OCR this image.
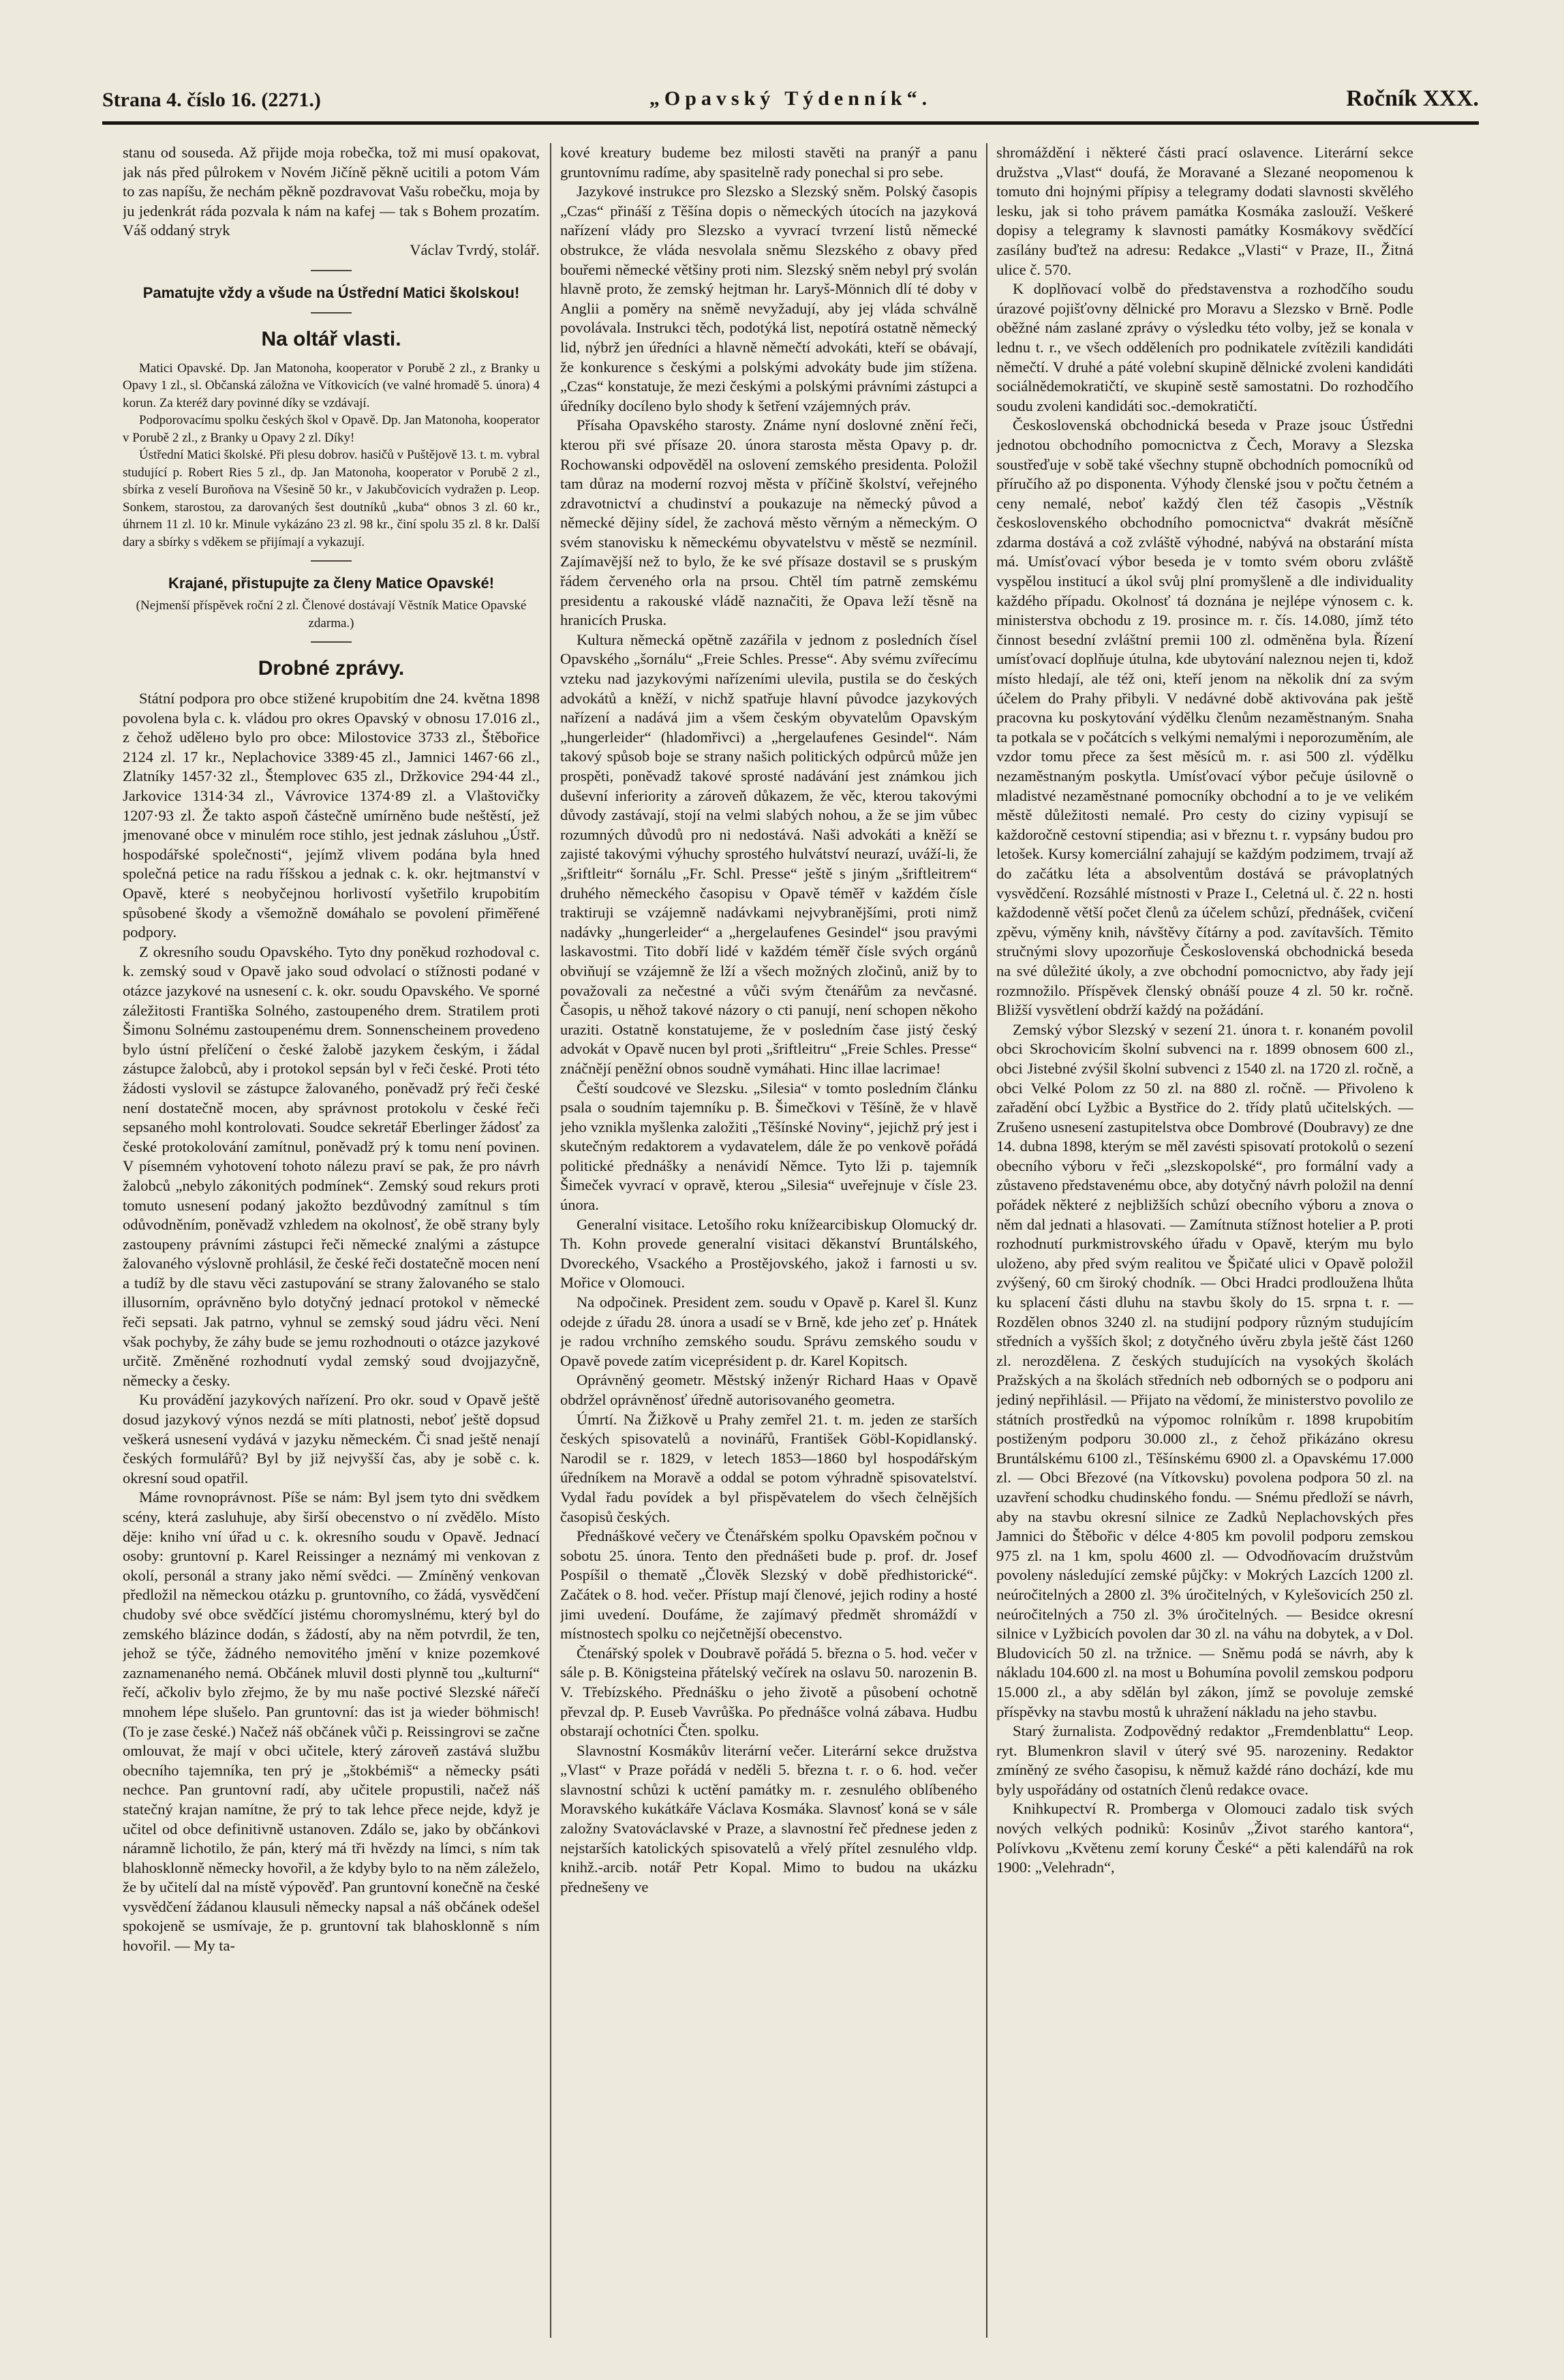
Strana 4. číslo 16. (2271.)	„Opavský Týdenník“.	Ročník XXX.

stanu od souseda. Až přijde moja robečka, tož mi musí opakovat, jak nás před půlrokem v Novém Jičíně pěkně ucitili a potom Vám to zas napíšu, že nechám pěkně pozdravovat Vašu robečku, moja by ju jedenkrát ráda pozvala k nám na kafej — tak s Bohem prozatím. Váš oddaný stryk

Václav Tvrdý, stolář.

Pamatujte vždy a všude na Ústřední Matici školskou!

Na oltář vlasti.

Matici Opavské. Dp. Jan Matonoha, kooperator v Porubě 2 zl., z Branky u Opavy 1 zl., sl. Občanská záložna ve Vítkovicích (ve valné hromadě 5. února) 4 korun. Za kteréž dary povinné díky se vzdávají.

Podporovacímu spolku českých škol v Opavě. Dp. Jan Matonoha, kooperator v Porubě 2 zl., z Branky u Opavy 2 zl. Díky!

Ústřední Matici školské. Při plesu dobrov. hasičů v Puštějově 13. t. m. vybral studující p. Robert Ries 5 zl., dp. Jan Matonoha, kooperator v Porubě 2 zl., sbírka z veselí Buroňova na Všesině 50 kr., v Jakubčovicích vydražen p. Leop. Sonkem, starostou, za darovaných šest doutníků „kuba“ obnos 3 zl. 60 kr., úhrnem 11 zl. 10 kr. Minule vykázáno 23 zl. 98 kr., činí spolu 35 zl. 8 kr. Další dary a sbírky s vděkem se přijímají a vykazují.

Krajané, přistupujte za členy Matice Opavské!

(Nejmenší příspěvek roční 2 zl. Členové dostávají Věstník Matice Opavské zdarma.)

Drobné zprávy.

Státní podpora pro obce stižené krupobitím dne 24. května 1898 povolena byla c. k. vládou pro okres Opavský v obnosu 17.016 zl., z čehož udělено bylo pro obce: Milostovice 3733 zl., Štěbořice 2124 zl. 17 kr., Neplachovice 3389·45 zl., Jamnici 1467·66 zl., Zlatníky 1457·32 zl., Štemplovec 635 zl., Držkovice 294·44 zl., Jarkovice 1314·34 zl., Vávrovice 1374·89 zl. a Vlaštovičky 1207·93 zl. Že takto aspoň částečně umírněno bude neštěstí, jež jmenované obce v minulém roce stihlo, jest jednak zásluhou „Ústř. hospodářské společnosti“, jejímž vlivem podána byla hned společná petice na radu říšskou a jednak c. k. okr. hejtmanství v Opavě, které s neobyčejnou horlivostí vyšetřilo krupobitím spůsobené škody a všemožně dомáhalo se povolení přiměřené podpory.

Z okresního soudu Opavského. Tyto dny poněkud rozhodoval c. k. zemský soud v Opavě jako soud odvolací o stížnosti podané v otázce jazykové na usnesení c. k. okr. soudu Opavského. Ve sporné záležitosti Františka Solného, zastoupeného drem. Stratilem proti Šimonu Solnému zastoupenému drem. Sonnenscheinem provedeno bylo ústní přelíčení o české žalobě jazykem českým, i žádal zástupce žalobců, aby i protokol sepsán byl v řeči české. Proti této žádosti vyslovil se zástupce žalovaného, poněvadž prý řeči české není dostatečně mocen, aby správnost protokolu v české řeči sepsaného mohl kontrolovati. Soudce sekretář Eberlinger žádosť za české protokolování zamítnul, poněvadž prý k tomu není povinen. V písemném vyhotovení tohoto nálezu praví se pak, že pro návrh žalobců „nebylo zákonitých podmínek“. Zemský soud rekurs proti tomuto usnesení podaný jakožto bezdůvodný zamítnul s tím odůvodněním, poněvadž vzhledem na okolnosť, že obě strany byly zastoupeny právními zástupci řeči německé znalými a zástupce žalovaného výslovně prohlásil, že české řeči dostatečně mocen není a tudíž by dle stavu věci zastupování se strany žalovaného se stalo illusorním, oprávněno bylo dotyčný jednací protokol v německé řeči sepsati. Jak patrno, vyhnul se zemský soud jádru věci. Není však pochyby, že záhy bude se jemu rozhodnouti o otázce jazykové určitě. Změněné rozhodnutí vydal zemský soud dvojjazyčně, německy a česky.

Ku provádění jazykových nařízení. Pro okr. soud v Opavě ještě dosud jazykový výnos nezdá se míti platnosti, neboť ještě dopsud veškerá usnesení vydává v jazyku německém. Či snad ještě nenají českých formulářů? Byl by již nejvyšší čas, aby je sobě c. k. okresní soud opatřil.

Máme rovnoprávnost. Píše se nám: Byl jsem tyto dni svědkem scény, která zasluhuje, aby širší obecenstvo o ní zvědělo. Místo děje: kniho vní úřad u c. k. okresního soudu v Opavě. Jednací osoby: gruntovní p. Karel Reissinger a neznámý mi venkovan z okolí, personál a strany jako němí svědci. — Zmíněný venkovan předložil na německou otázku p. gruntovního, co žádá, vysvědčení chudoby své obce svědčící jistému choromyslnému, který byl do zemského blázince dodán, s žádostí, aby na něm potvrdil, že ten, jehož se týče, žádného nemovitého jmění v knize pozemkové zaznamenaného nemá. Občánek mluvil dosti plynně tou „kulturní“ řečí, ačkoliv bylo zřejmo, že by mu naše poctivé Slezské nářečí mnohem lépe slušelo. Pan gruntovní: das ist ja wieder böhmisch! (To je zase české.) Načež náš občánek vůči p. Reissingrovi se začne omlouvat, že mají v obci učitele, který zároveň zastává službu obecního tajemníka, ten prý je „štokbémiš“ a německy psáti nechce. Pan gruntovní radí, aby učitele propustili, načež náš statečný krajan namítne, že prý to tak lehce přece nejde, když je učitel od obce definitivně ustanoven. Zdálo se, jako by občánkovi náramně lichotilo, že pán, který má tři hvězdy na límci, s ním tak blahosklonně německy hovořil, a že kdyby bylo to na něm záleželo, že by učitelí dal na místě výpověď. Pan gruntovní konečně na české vysvědčení žádanou klausuli německy napsal a náš občánek odešel spokojeně se usmívaje, že p. gruntovní tak blahosklonně s ním hovořil. — My ta-

kové kreatury budeme bez milosti stavěti na pranýř a panu gruntovnímu radíme, aby spasitelně rady ponechal si pro sebe.

Jazykové instrukce pro Slezsko a Slezský sněm. Polský časopis „Czas“ přináší z Těšína dopis o německých útocích na jazyková nařízení vlády pro Slezsko a vyvrací tvrzení listů německé obstrukce, že vláda nesvolala sněmu Slezského z obavy před bouřemi německé většiny proti nim. Slezský sněm nebyl prý svolán hlavně proto, že zemský hejtman hr. Laryš-Mönnich dlí té doby v Anglii a poměry na sněmě nevyžadují, aby jej vláda schválně povolávala. Instrukci těch, podotýká list, nepotírá ostatně německý lid, nýbrž jen úředníci a hlavně němečtí advokáti, kteří se obávají, že konkurence s českými a polskými advokáty bude jim stížena. „Czas“ konstatuje, že mezi českými a polskými právními zástupci a úředníky docíleno bylo shody k šetření vzájemných práv.

Přísaha Opavského starosty. Známe nyní doslovné znění řeči, kterou při své přísaze 20. února starosta města Opavy p. dr. Rochowanski odpověděl na oslovení zemského presidenta. Položil tam důraz na moderní rozvoj města v příčině školství, veřejného zdravotnictví a chudinství a poukazuje na německý původ a německé dějiny sídel, že zachová město věrným a německým. O svém stanovisku k německému obyvatelstvu v městě se nezmínil. Zajímavější než to bylo, že ke své přísaze dostavil se s pruským řádem červeného orla na prsou. Chtěl tím patrně zemskému presidentu a rakouské vládě naznačiti, že Opava leží těsně na hranicích Pruska.

Kultura německá opětně zazářila v jednom z posledních čísel Opavského „šornálu“ „Freie Schles. Presse“. Aby svému zvířecímu vzteku nad jazykovými nařízeními ulevila, pustila se do českých advokátů a kněží, v nichž spatřuje hlavní původce jazykových nařízení a nadává jim a všem českým obyvatelům Opavským „hungerleider“ (hladomřivci) a „hergelaufenes Gesindel“. Nám takový spůsob boje se strany našich politických odpůrců může jen prospěti, poněvadž takové sprosté nadávání jest známkou jich duševní inferiority a zároveň důkazem, že věc, kterou takovými důvody zastávají, stojí na velmi slabých nohou, a že se jim vůbec rozumných důvodů pro ni nedostává. Naši advokáti a kněží se zajisté takovými výhuchy sprostého hulvátství neurazí, uváží-li, že „šriftleitr“ šornálu „Fr. Schl. Presse“ ještě s jiným „šriftleitrem“ druhého německého časopisu v Opavě téměř v každém čísle traktiruji se vzájemně nadávkami nejvybranějšími, proti nimž nadávky „hungerleider“ a „hergelaufenes Gesindel“ jsou pravými laskavostmi. Tito dobří lidé v každém téměř čísle svých orgánů obviňují se vzájemně že lží a všech možných zločinů, aniž by to považovali za nečestné a vůči svým čtenářům za nevčasné. Časopis, u něhož takové názory o cti panují, není schopen někoho uraziti. Ostatně konstatujeme, že v posledním čase jistý český advokát v Opavě nucen byl proti „šriftleitru“ „Freie Schles. Presse“ znáčnějí peněžní obnos soudně vymáhati. Hinc illae lacrimae!

Čeští soudcové ve Slezsku. „Silesia“ v tomto posledním článku psala o soudním tajemníku p. B. Šimečkovi v Těšíně, že v hlavě jeho vznikla myšlenka založiti „Těšínské Noviny“, jejichž prý jest i skutečným redaktorem a vydavatelem, dále že po venkově pořádá politické přednášky a nenávidí Němce. Tyto lži p. tajemník Šimeček vyvrací v opravě, kterou „Silesia“ uveřejnuje v čísle 23. února.

Generalní visitace. Letošího roku knížearcibiskup Olomucký dr. Th. Kohn provede generalní visitaci děkanství Bruntálského, Dvoreckého, Vsackého a Prostějovského, jakož i farnosti u sv. Mořice v Olomouci.

Na odpočinek. President zem. soudu v Opavě p. Karel šl. Kunz odejde z úřadu 28. února a usadí se v Brně, kde jeho zeť p. Hnátek je radou vrchního zemského soudu. Správu zemského soudu v Opavě povede zatím viceprésident p. dr. Karel Kopitsch.

Oprávněný geometr. Městský inženýr Richard Haas v Opavě obdržel oprávněnosť úředně autorisovaného geometra.

Úmrtí. Na Žižkově u Prahy zemřel 21. t. m. jeden ze starších českých spisovatelů a novinářů, František Göbl-Kopidlanský. Narodil se r. 1829, v letech 1853—1860 byl hospodářským úředníkem na Moravě a oddal se potom výhradně spisovatelství. Vydal řadu povídek a byl přispěvatelem do všech čelnějších časopisů českých.

Přednáškové večery ve Čtenářském spolku Opavském počnou v sobotu 25. února. Tento den přednášeti bude p. prof. dr. Josef Pospíšil o thematě „Člověk Slezský v době předhistorické“. Začátek o 8. hod. večer. Přístup mají členové, jejich rodiny a hosté jimi uvedení. Doufáme, že zajímavý předmět shromáždí v místnostech spolku co nejčetnější obecenstvo.

Čtenářský spolek v Doubravě pořádá 5. března o 5. hod. večer v sále p. B. Königsteina přátelský večírek na oslavu 50. narozenin B. V. Třebízského. Přednášku o jeho životě a působení ochotně převzal dp. P. Euseb Vavrůška. Po přednášce volná zábava. Hudbu obstarají ochotníci Čten. spolku.

Slavnostní Kosmákův literární večer. Literární sekce družstva „Vlast“ v Praze pořádá v neděli 5. března t. r. o 6. hod. večer slavnostní schůzi k uctění památky m. r. zesnulého oblíbeného Moravského kukátkáře Václava Kosmáka. Slavnosť koná se v sále založny Svatováclavské v Praze, a slavnostní řeč přednese jeden z nejstarších katolických spisovatelů a vřelý přítel zesnulého vldp. knihž.-arcib. notář Petr Kopal. Mimo to budou na ukázku přednešeny ve

shromáždění i některé části prací oslavence. Literární sekce družstva „Vlast“ doufá, že Moravané a Slezané neopomenou k tomuto dni hojnými přípisy a telegramy dodati slavnosti skvělého lesku, jak si toho právem památka Kosmáka zaslouží. Veškeré dopisy a telegramy k slavnosti památky Kosmákovy svědčící zasílány buďtež na adresu: Redakce „Vlasti“ v Praze, II., Žitná ulice č. 570.

K doplňovací volbě do představenstva a rozhodčího soudu úrazové pojišťovny dělnické pro Moravu a Slezsko v Brně. Podle oběžné nám zaslané zprávy o výsledku této volby, jež se konala v lednu t. r., ve všech oddělеních pro podnikatele zvítězili kandidáti němečtí. V druhé a páté volební skupině dělnické zvoleni kandidáti sociálnědemokratičtí, ve skupině sestě samostatni. Do rozhodčího soudu zvoleni kandidáti soc.-demokratičtí.

Československá obchodnická beseda v Praze jsouc Ústředni jednotou obchodního pomocnictva z Čech, Moravy a Slezska soustřeďuje v sobě také všechny stupně obchodních pomocníků od příručího až po disponenta. Výhody členské jsou v počtu četném a ceny nemalé, neboť každý člen též časopis „Věstník československého obchodního pomocnictva“ dvakrát měsíčně zdarma dostává a což zvláště výhodné, nabývá na obstarání místa má. Umísťovací výbor beseda je v tomto svém oboru zvláště vyspělou institucí a úkol svůj plní promyšleně a dle individuality každého případu. Okolnosť tá doznána je nejlépe výnosem c. k. ministerstva obchodu z 19. prosince m. r. čís. 14.080, jímž této činnost besední zvláštní premii 100 zl. odměněna byla. Řízení umísťovací doplňuje útulna, kde ubytování naleznou nejen ti, kdož místo hledají, ale též oni, kteří jenom na několik dní za svým účelem do Prahy přibyli. V nedávné době aktivována pak ještě pracovna ku poskytování výdělku členům nezaměstnaným. Snaha ta potkala se v počátcích s velkými nemalými i neporozuměním, ale vzdor tomu přece za šest měsíců m. r. asi 500 zl. výdělku nezaměstnaným poskytla. Umísťovací výbor pečuje úsilovně o mladistvé nezaměstnané pomocníky obchodní a to je ve velikém městě důležitosti nemalé. Pro cesty do ciziny vypisují se každoročně cestovní stipendia; asi v březnu t. r. vypsány budou pro letošek. Kursy komerciální zahajují se každým podzimem, trvají až do začátku léta a absolventům dostává se právoplatných vysvědčení. Rozsáhlé místnosti v Praze I., Celetná ul. č. 22 n. hosti každodenně větší počet členů za účelem schůzí, přednášek, cvičení zpěvu, výměny knih, návštěvy čítárny a pod. zavítavších. Těmito stručnými slovy upozorňuje Československá obchodnická beseda na své důležité úkoly, a zve obchodní pomocnictvo, aby řady její rozmnožilo. Příspěvek členský obnáší pouze 4 zl. 50 kr. ročně. Bližší vysvětlení obdrží každý na požádání.

Zemský výbor Slezský v sezení 21. února t. r. konaném povolil obci Skrochovicím školní subvenci na r. 1899 obnosem 600 zl., obci Jistebné zvýšil školní subvenci z 1540 zl. na 1720 zl. ročně, a obci Velké Polom zz 50 zl. na 880 zl. ročně. — Přivoleno k zařadění obcí Lyžbic a Bystřice do 2. třídy platů učitelských. — Zrušeno usnesení zastupitelstva obce Dombrové (Doubravy) ze dne 14. dubna 1898, kterým se měl zavésti spisovatí protokolů o sezení obecního výboru v řeči „slezskopolské“, pro formální vady a zůstaveno představenému obce, aby dotyčný návrh položil na denní pořádek některé z nejbližších schůzí obecního výboru a znova o něm dal jednati a hlasovati. — Zamítnuta stížnost hotelier a P. proti rozhodnutí purkmistrovského úřadu v Opavě, kterým mu bylo uloženo, aby před svým realitou ve Špičaté ulici v Opavě položil zvýšený, 60 cm široký chodník. — Obci Hradci prodloužena lhůta ku splacení části dluhu na stavbu školy do 15. srpna t. r. — Rozdělen obnos 3240 zl. na studijní podpory různým studujícím středních a vyšších škol; z dotyčného úvěru zbyla ještě část 1260 zl. nerozdělena. Z českých studujících na vysokých školách Pražských a na školách středních neb odborných se o podporu ani jediný nepřihlásil. — Přijato na vědomí, že ministerstvo povolilo ze státních prostředků na výpomoc rolníkům r. 1898 krupobitím postiženým podporu 30.000 zl., z čehož přikázáno okresu Bruntálskému 6100 zl., Těšínskému 6900 zl. a Opavskému 17.000 zl. — Obci Březové (na Vítkovsku) povolena podpora 50 zl. na uzavření schodku chudinského fondu. — Snému předloží se návrh, aby na stavbu okresní silnice ze Zadků Neplachovských přes Jamnici do Štěbořic v délce 4·805 km povolil podporu zemskou 975 zl. na 1 km, spolu 4600 zl. — Odvodňovacím družstvům povoleny následující zemské půjčky: v Mokrých Lazcích 1200 zl. neúročitelných a 2800 zl. 3% úročitelných, v Kylešovicích 250 zl. neúročitelných a 750 zl. 3% úročitelných. — Besidce okresní silnice v Lyžbicích povolen dar 30 zl. na váhu na dobytek, a v Dol. Bludovicích 50 zl. na tržnice. — Sněmu podá se návrh, aby k nákladu 104.600 zl. na most u Bohumína povolil zemskou podporu 15.000 zl., a aby sdělán byl zákon, jímž se povoluje zemské příspěvky na stavbu mostů k uhražení nákladu na jeho stavbu.

Starý žurnalista. Zodpovědný redaktor „Fremdenblattu“ Leop. ryt. Blumenkron slavil v úterý své 95. narozeniny. Redaktor zmíněný ze svého časopisu, k němuž každé ráno dochází, kde mu byly uspořádány od ostatních členů redakce ovace.

Knihkupectví R. Promberga v Olomouci zadalo tisk svých nových velkých podniků: Kosinův „Život starého kantora“, Polívkovu „Květenu zemí koruny České“ a pěti kalendářů na rok 1900: „Velehradn“,
